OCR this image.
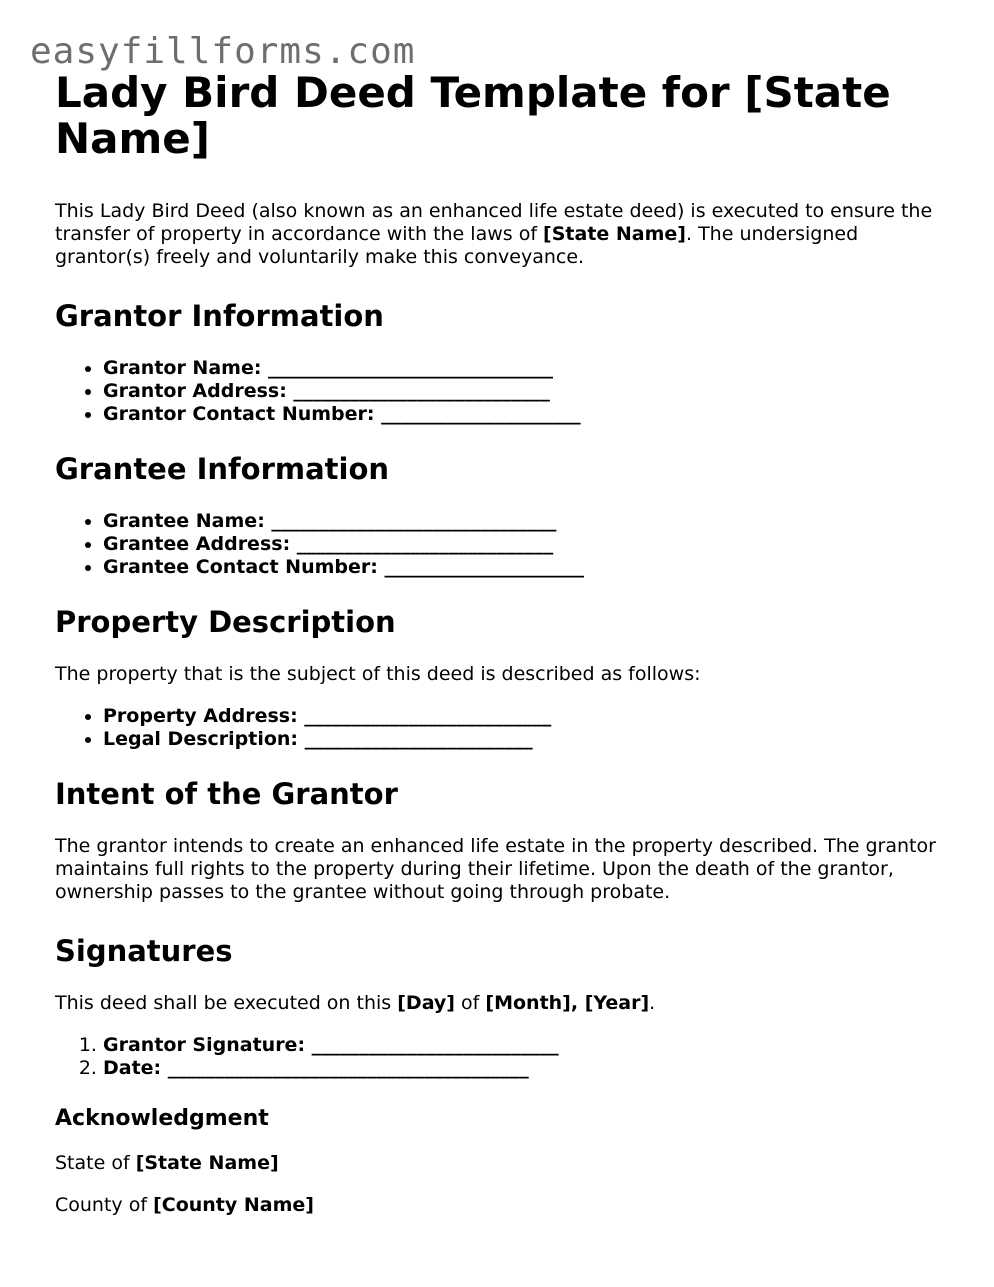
easyfillforms.com
Lady Bird Deed Template for [State Name]

This Lady Bird Deed (also known as an enhanced life estate deed) is executed to ensure the transfer of property in accordance with the laws of [State Name]. The undersigned grantor(s) freely and voluntarily make this conveyance.

Grantor Information
• Grantor Name: ______________________________
• Grantor Address: ___________________________
• Grantor Contact Number: _____________________
Grantee Information
• Grantee Name: ______________________________
• Grantee Address: ___________________________
• Grantee Contact Number: _____________________
Property Description

The property that is the subject of this deed is described as follows:

• Property Address: __________________________
• Legal Description: ________________________
Intent of the Grantor

The grantor intends to create an enhanced life estate in the property described. The grantor maintains full rights to the property during their lifetime. Upon the death of the grantor, ownership passes to the grantee without going through probate.

Signatures

This deed shall be executed on this [Day] of [Month], [Year].

1. Grantor Signature: __________________________
2. Date: ______________________________________
Acknowledgment

State of [State Name]

County of [County Name]
